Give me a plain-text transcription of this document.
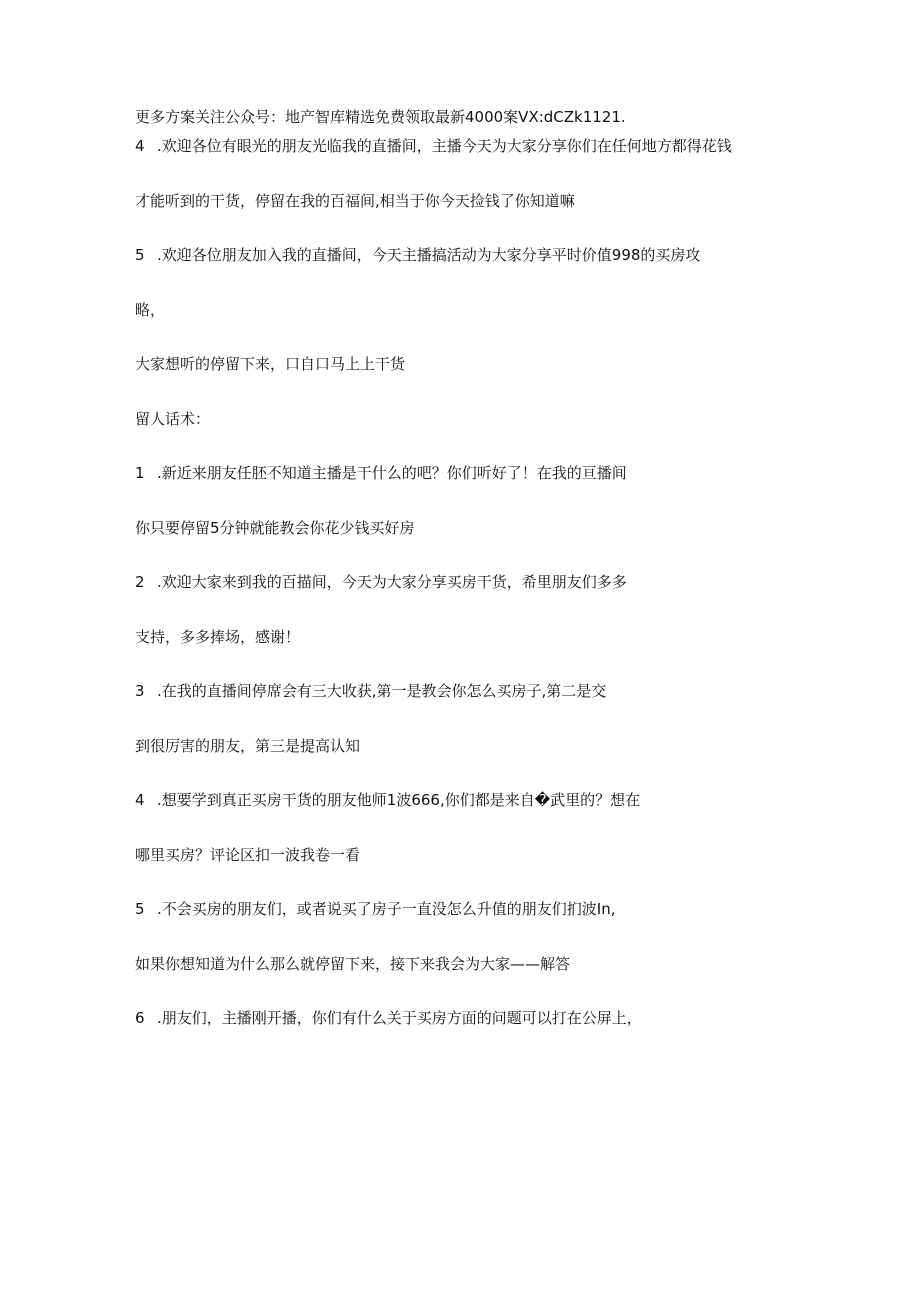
更多方案关注公众号：地产智库精选免费领取最新4000案VX:dCZk1121.
4 .欢迎各位有眼光的朋友光临我的直播间，主播今天为大家分享你们在任何地方都得花钱
才能听到的干货，停留在我的百福间,相当于你今天捡钱了你知道嘛
5 .欢迎各位朋友加入我的直播间，今天主播搞活动为大家分享平时价值998的买房攻
略，
大家想听的停留下来，口自口马上上干货
留人话术：
1 .新近来朋友任胚不知道主播是干什么的吧？你们听好了！在我的亘播间
你只要停留5分钟就能教会你花少钱买好房
2 .欢迎大家来到我的百描间，今天为大家分享买房干货，希里朋友们多多
支持，多多捧场，感谢！
3 .在我的直播间停席会有三大收获,第一是教会你怎么买房子,第二是交
到很厉害的朋友，第三是提高认知
4 .想要学到真正买房干货的朋友他师1波666,你们都是来自�武里的？想在
哪里买房？评论区扣一波我卷一看
5 .不会买房的朋友们，或者说买了房子一直没怎么升值的朋友们扪波In,
如果你想知道为什么那么就停留下来，接下来我会为大家——解答
6 .朋友们，主播刚开播，你们有什么关于买房方面的问题可以打在公屏上，
